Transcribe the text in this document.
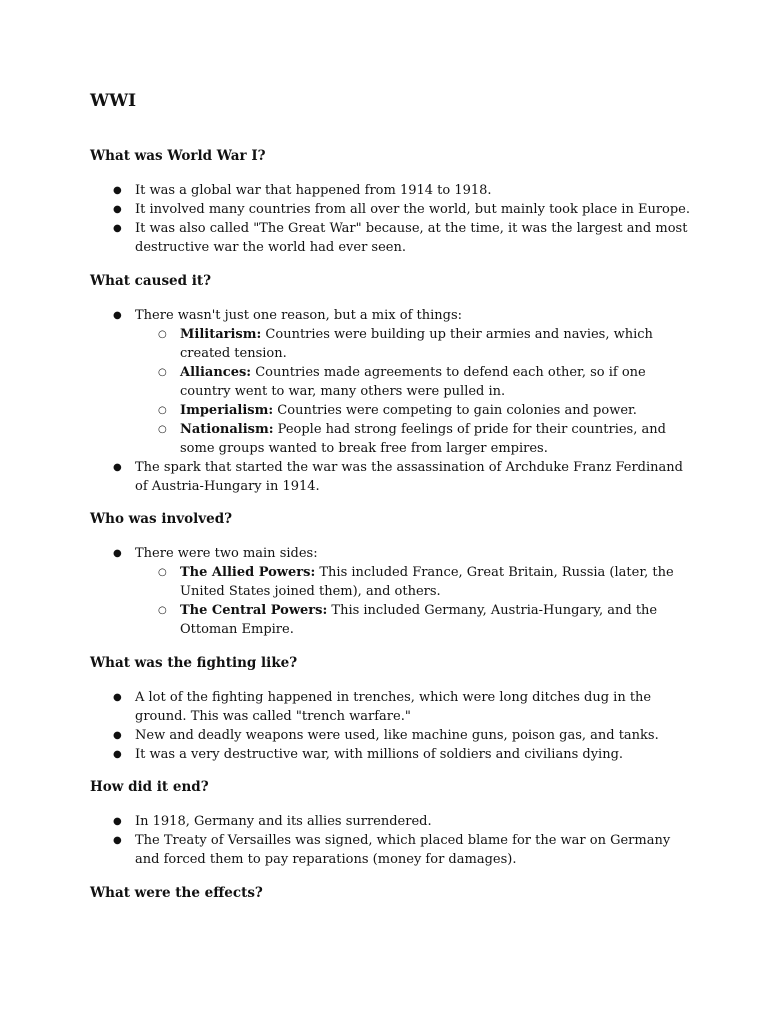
WWI
What was World War I?
● It was a global war that happened from 1914 to 1918.
● It involved many countries from all over the world, but mainly took place in Europe.
● It was also called "The Great War" because, at the time, it was the largest and most destructive war the world had ever seen.
What caused it?
● There wasn't just one reason, but a mix of things:
○ Militarism: Countries were building up their armies and navies, which created tension.
○ Alliances: Countries made agreements to defend each other, so if one country went to war, many others were pulled in.
○ Imperialism: Countries were competing to gain colonies and power.
○ Nationalism: People had strong feelings of pride for their countries, and some groups wanted to break free from larger empires.
● The spark that started the war was the assassination of Archduke Franz Ferdinand of Austria-Hungary in 1914.
Who was involved?
● There were two main sides:
○ The Allied Powers: This included France, Great Britain, Russia (later, the United States joined them), and others.
○ The Central Powers: This included Germany, Austria-Hungary, and the Ottoman Empire.
What was the fighting like?
● A lot of the fighting happened in trenches, which were long ditches dug in the ground. This was called "trench warfare."
● New and deadly weapons were used, like machine guns, poison gas, and tanks.
● It was a very destructive war, with millions of soldiers and civilians dying.
How did it end?
● In 1918, Germany and its allies surrendered.
● The Treaty of Versailles was signed, which placed blame for the war on Germany and forced them to pay reparations (money for damages).
What were the effects?
